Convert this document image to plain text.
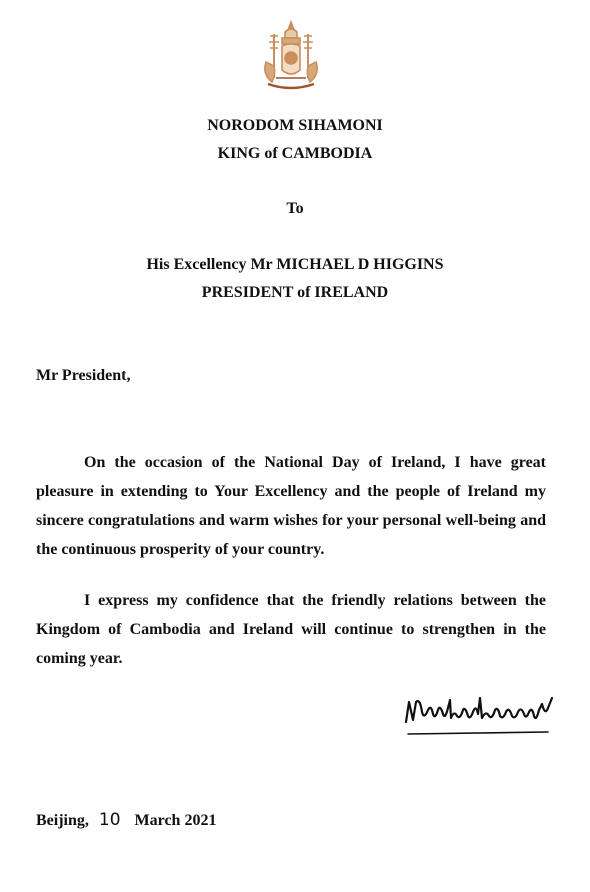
NORODOM SIHAMONI
KING of CAMBODIA
To
His Excellency Mr MICHAEL D HIGGINS
PRESIDENT of IRELAND
Mr President,

On the occasion of the National Day of Ireland, I have great pleasure in extending to Your Excellency and the people of Ireland my sincere congratulations and warm wishes for your personal well-being and the continuous prosperity of your country.

I express my confidence that the friendly relations between the Kingdom of Cambodia and Ireland will continue to strengthen in the coming year.

Beijing, 10 March 2021
